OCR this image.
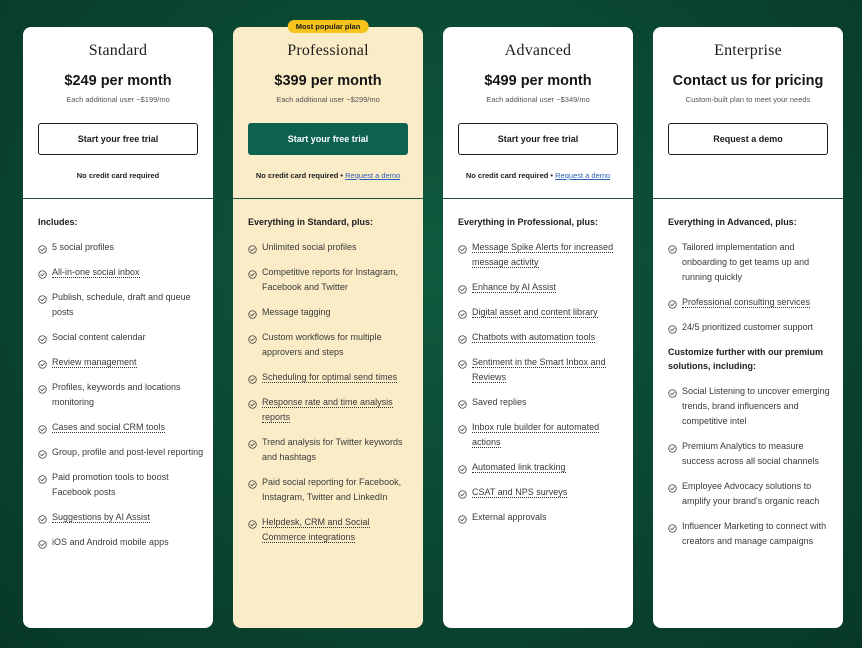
Standard
$249 per month
Each additional user ~$199/mo
Start your free trial
No credit card required
Includes:
5 social profiles
All-in-one social inbox
Publish, schedule, draft and queue posts
Social content calendar
Review management
Profiles, keywords and locations monitoring
Cases and social CRM tools
Group, profile and post-level reporting
Paid promotion tools to boost Facebook posts
Suggestions by AI Assist
iOS and Android mobile apps
Most popular plan
Professional
$399 per month
Each additional user ~$299/mo
Start your free trial
No credit card required • Request a demo
Everything in Standard, plus:
Unlimited social profiles
Competitive reports for Instagram, Facebook and Twitter
Message tagging
Custom workflows for multiple approvers and steps
Scheduling for optimal send times
Response rate and time analysis reports
Trend analysis for Twitter keywords and hashtags
Paid social reporting for Facebook, Instagram, Twitter and LinkedIn
Helpdesk, CRM and Social Commerce integrations
Advanced
$499 per month
Each additional user ~$349/mo
Start your free trial
No credit card required • Request a demo
Everything in Professional, plus:
Message Spike Alerts for increased message activity
Enhance by AI Assist
Digital asset and content library
Chatbots with automation tools
Sentiment in the Smart Inbox and Reviews
Saved replies
Inbox rule builder for automated actions
Automated link tracking
CSAT and NPS surveys
External approvals
Enterprise
Contact us for pricing
Custom-built plan to meet your needs
Request a demo
Everything in Advanced, plus:
Tailored implementation and onboarding to get teams up and running quickly
Professional consulting services
24/5 prioritized customer support
Customize further with our premium solutions, including:
Social Listening to uncover emerging trends, brand influencers and competitive intel
Premium Analytics to measure success across all social channels
Employee Advocacy solutions to amplify your brand's organic reach
Influencer Marketing to connect with creators and manage campaigns
